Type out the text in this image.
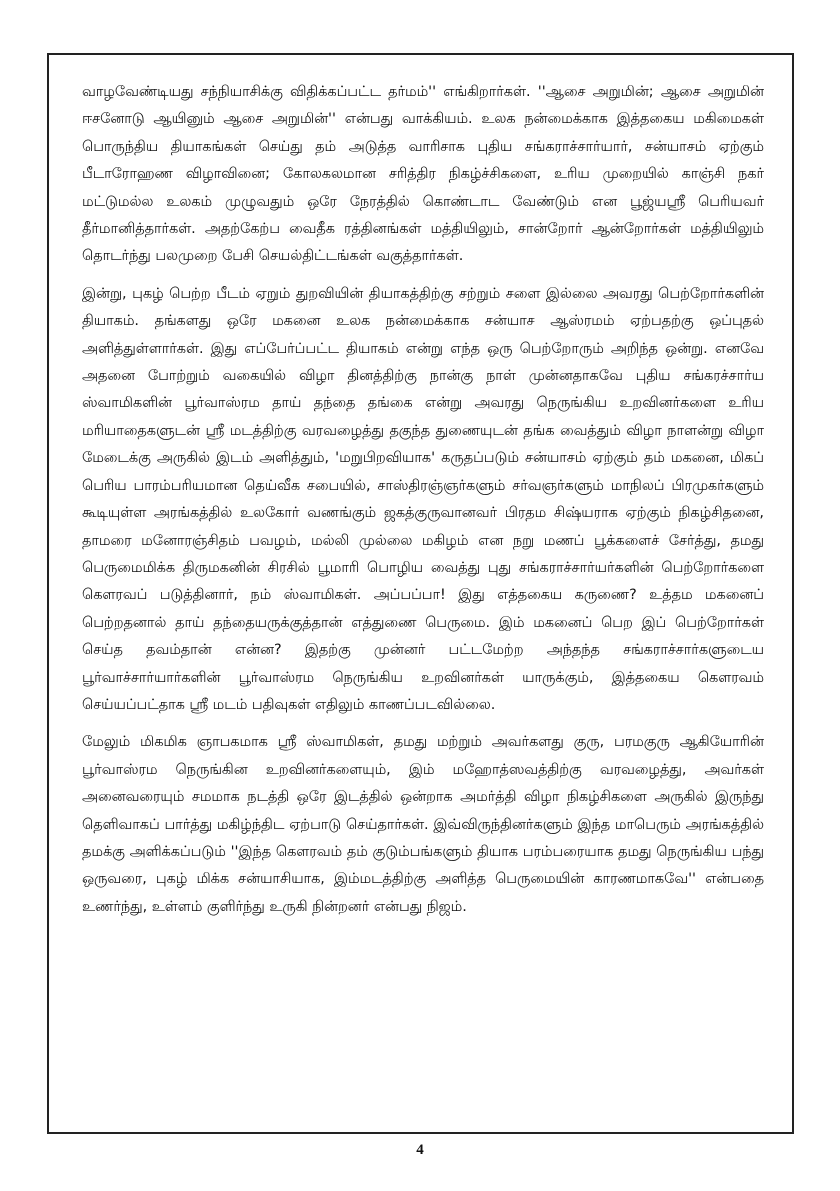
வாழவேண்டியது சந்நியாசிக்கு விதிக்கப்பட்ட தர்மம்'' எங்கிறார்கள். ''ஆசை அறுமின்; ஆசை அறுமின் ஈசனோடு ஆயினும் ஆசை அறுமின்'' என்பது வாக்கியம். உலக நன்மைக்காக இத்தகைய மகிமைகள் பொருந்திய தியாகங்கள் செய்து தம் அடுத்த வாரிசாக புதிய சங்கராச்சார்யார், சன்யாசம் ஏற்கும் பீடாரோஹண விழாவினை; கோலகலமான சரித்திர நிகழ்ச்சிகளை, உரிய முறையில் காஞ்சி நகர் மட்டுமல்ல உலகம் முழுவதும் ஒரே நேரத்தில் கொண்டாட வேண்டும் என பூஜ்யஸ்ரீ பெரியவர் தீர்மானித்தார்கள். அதற்கேற்ப வைதீக ரத்தினங்கள் மத்தியிலும், சான்றோர் ஆன்றோர்கள் மத்தியிலும் தொடர்ந்து பலமுறை பேசி செயல்திட்டங்கள் வகுத்தார்கள்.

இன்று, புகழ் பெற்ற பீடம் ஏறும் துறவியின் தியாகத்திற்கு சற்றும் சளை இல்லை அவரது பெற்றோர்களின் தியாகம். தங்களது ஒரே மகனை உலக நன்மைக்காக சன்யாச ஆஸ்ரமம் ஏற்பதற்கு ஒப்புதல் அளித்துள்ளார்கள். இது எப்பேர்ப்பட்ட தியாகம் என்று எந்த ஒரு பெற்றோரும் அறிந்த ஒன்று. எனவே அதனை போற்றும் வகையில் விழா தினத்திற்கு நான்கு நாள் முன்னதாகவே புதிய சங்கரச்சார்ய ஸ்வாமிகளின் பூர்வாஸ்ரம தாய் தந்தை தங்கை என்று அவரது நெருங்கிய உறவினர்களை உரிய மரியாதைகளுடன் ஸ்ரீ மடத்திற்கு வரவழைத்து தகுந்த துணையுடன் தங்க வைத்தும் விழா நாளன்று விழா மேடைக்கு அருகில் இடம் அளித்தும், 'மறுபிறவியாக' கருதப்படும் சன்யாசம் ஏற்கும் தம் மகனை, மிகப் பெரிய பாரம்பரியமான தெய்வீக சபையில், சாஸ்திரஞ்ஞர்களும் சர்வஞர்களும் மாநிலப் பிரமுகர்களும் கூடியுள்ள அரங்கத்தில் உலகோர் வணங்கும் ஜகத்குருவானவர் பிரதம சிஷ்யராக ஏற்கும் நிகழ்சிதனை, தாமரை மனோரஞ்சிதம் பவழம், மல்லி முல்லை மகிழம் என நறு மணப் பூக்களைச் சேர்த்து, தமது பெருமைமிக்க திருமகனின் சிரசில் பூமாரி பொழிய வைத்து புது சங்கராச்சார்யர்களின் பெற்றோர்களை கௌரவப் படுத்தினார், நம் ஸ்வாமிகள். அப்பப்பா! இது எத்தகைய கருணை? உத்தம மகனைப் பெற்றதனால் தாய் தந்தையருக்குத்தான் எத்துணை பெருமை. இம் மகனைப் பெற இப் பெற்றோர்கள் செய்த தவம்தான் என்ன? இதற்கு முன்னர் பட்டமேற்ற அந்தந்த சங்கராச்சார்களுடைய பூர்வாச்சார்யார்களின் பூர்வாஸ்ரம நெருங்கிய உறவினர்கள் யாருக்கும், இத்தகைய கௌரவம் செய்யப்பட்தாக ஸ்ரீ மடம் பதிவுகள் எதிலும் காணப்படவில்லை.

மேலும் மிகமிக ஞாபகமாக ஸ்ரீ ஸ்வாமிகள், தமது மற்றும் அவர்களது குரு, பரமகுரு ஆகியோரின் பூர்வாஸ்ரம நெருங்கின உறவினர்களையும், இம் மஹோத்ஸவத்திற்கு வரவழைத்து, அவர்கள் அனைவரையும் சமமாக நடத்தி ஒரே இடத்தில் ஒன்றாக அமர்த்தி விழா நிகழ்சிகளை அருகில் இருந்து தெளிவாகப் பார்த்து மகிழ்ந்திட ஏற்பாடு செய்தார்கள். இவ்விருந்தினர்களும் இந்த மாபெரும் அரங்கத்தில் தமக்கு அளிக்கப்படும் ''இந்த கௌரவம் தம் குடும்பங்களும் தியாக பரம்பரையாக தமது நெருங்கிய பந்து ஒருவரை, புகழ் மிக்க சன்யாசியாக, இம்மடத்திற்கு அளித்த பெருமையின் காரணமாகவே'' என்பதை உணர்ந்து, உள்ளம் குளிர்ந்து உருகி நின்றனர் என்பது நிஜம்.

4
